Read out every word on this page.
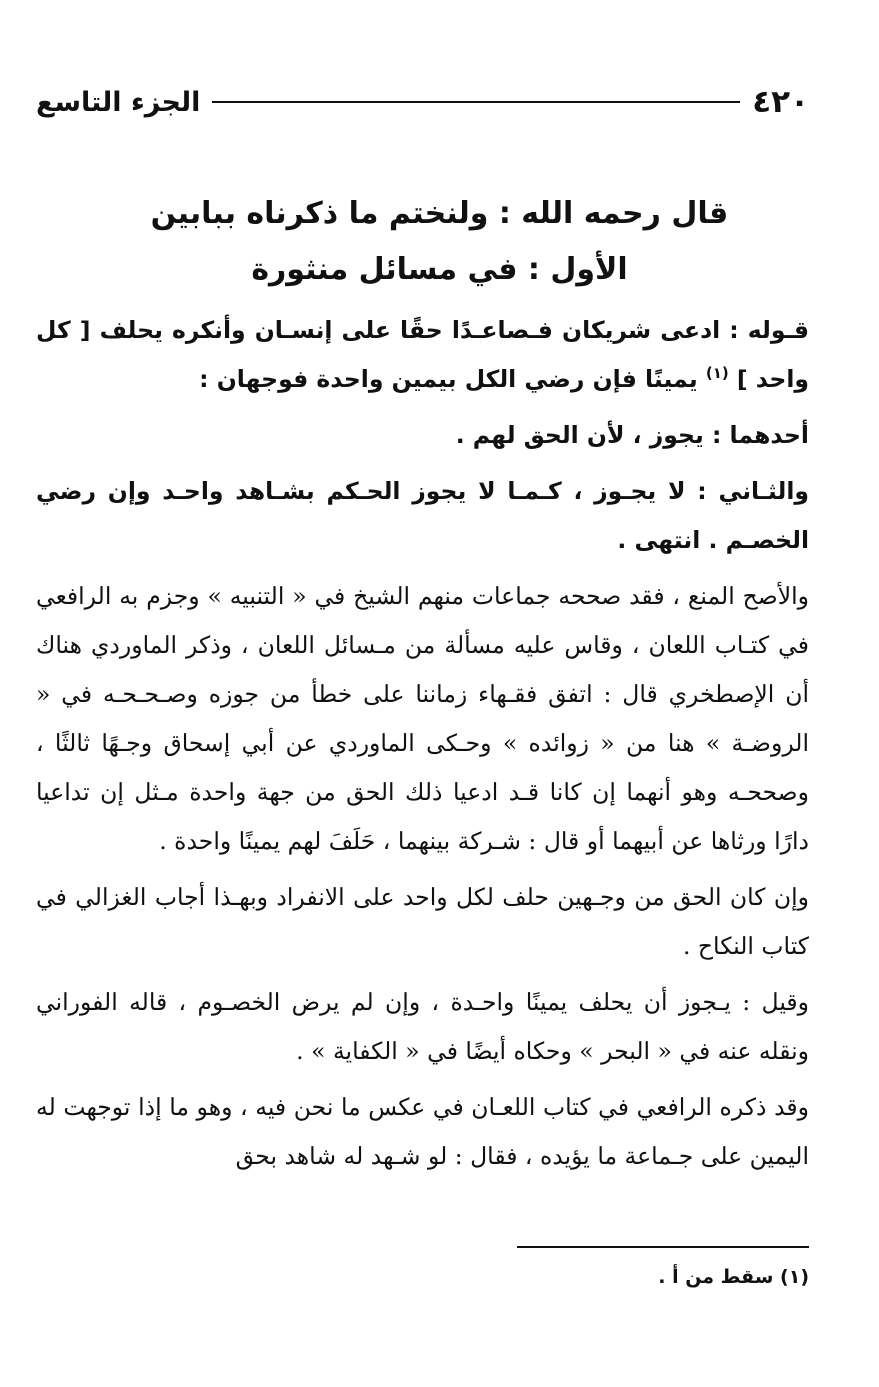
٤٢٠
الجزء التاسع
قال رحمه الله : ولنختم ما ذكرناه ببابين
الأول : في مسائل منثورة

قـوله : ادعى شريكان فـصاعـدًا حقًا على إنسـان وأنكره يحلف [ كل واحد ] $^{(١)}$ يمينًا فإن رضي الكل بيمين واحدة فوجهان :

أحدهما : يجوز ، لأن الحق لهم .

والثـاني : لا يجـوز ، كـمـا لا يجوز الحـكم بشـاهد واحـد وإن رضي الخصـم . انتهى .

والأصح المنع ، فقد صححه جماعات منهم الشيخ في « التنبيه » وجزم به الرافعي في كتـاب اللعان ، وقاس عليه مسألة من مـسائل اللعان ، وذكر الماوردي هناك أن الإصطخري قال : اتفق فقـهاء زماننا على خطأ من جوزه وصـحـحـه في « الروضـة » هنا من « زوائده » وحـكى الماوردي عن أبي إسحاق وجـهًا ثالثًا ، وصححـه وهو أنهما إن كانا قـد ادعيا ذلك الحق من جهة واحدة مـثل إن تداعيا دارًا ورثاها عن أبيهما أو قال : شـركة بينهما ، حَلَفَ لهم يمينًا واحدة .

وإن كان الحق من وجـهين حلف لكل واحد على الانفراد وبهـذا أجاب الغزالي في كتاب النكاح .

وقيل : يـجوز أن يحلف يمينًا واحـدة ، وإن لم يرض الخصـوم ، قاله الفوراني ونقله عنه في « البحر » وحكاه أيضًا في « الكفاية » .

وقد ذكره الرافعي في كتاب اللعـان في عكس ما نحن فيه ، وهو ما إذا توجهت له اليمين على جـماعة ما يؤيده ، فقال : لو شـهد له شاهد بحق

(١) سقط من أ .
